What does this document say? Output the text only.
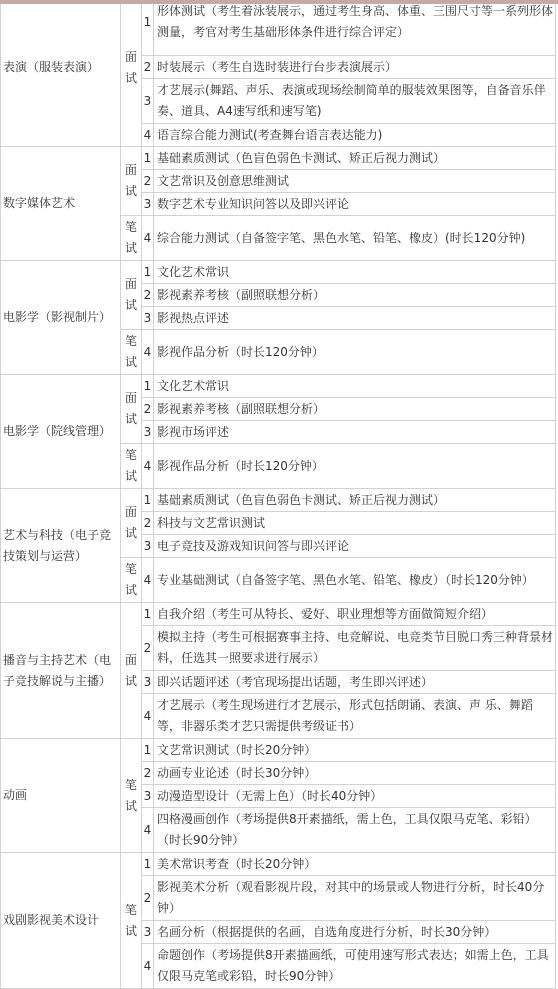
表演（服装表演）	面试	1	形体测试（考生着泳装展示，通过考生身高、体重、三围尺寸等一系列形体测量，考官对考生基础形体条件进行综合评定）
		2	时装展示（考生自选时装进行台步表演展示）
		3	才艺展示(舞蹈、声乐、表演或现场绘制简单的服装效果图等，自备音乐伴奏、道具、A4速写纸和速写笔)
		4	语言综合能力测试(考查舞台语言表达能力)
数字媒体艺术	面试	1	基础素质测试（色盲色弱色卡测试、矫正后视力测试）
		2	文艺常识及创意思维测试
		3	数字艺术专业知识问答以及即兴评论

	笔试	4	综合能力测试（自备签字笔、黑色水笔、铅笔、橡皮）(时长120分钟)
电影学（影视制片）	面试	1	文化艺术常识
		2	影视素养考核（副照联想分析）
		3	影视热点评述

	笔试	4	影视作品分析（时长120分钟）
电影学（院线管理）	面试	1	文化艺术常识
		2	影视素养考核（副照联想分析）
		3	影视市场评述

	笔试	4	影视作品分析（时长120分钟）
艺术与科技（电子竞技策划与运营）	面试	1	基础素质测试（色盲色弱色卡测试、矫正后视力测试）
		2	科技与文艺常识测试
		3	电子竞技及游戏知识问答与即兴评论

	笔试	4	专业基础测试（自备签字笔、黑色水笔、铅笔、橡皮）（时长120分钟）
播音与主持艺术（电子竞技解说与主播）	面试	1	自我介绍（考生可从特长、爱好、职业理想等方面做简短介绍）
		2	模拟主持（考生可根据赛事主持、电竞解说、电竞类节目脱口秀三种背景材料，任选其一照要求进行展示）
		3	即兴话题评述（考官现场提出话题，考生即兴评述）
		4	才艺展示（考生现场进行才艺展示，形式包括朗诵、表演、声 乐、舞蹈等，非器乐类才艺只需提供考级证书）
动画	笔试	1	文艺常识测试（时长20分钟）
		2	动画专业论述（时长30分钟）
		3	动漫造型设计（无需上色）（时长40分钟）
		4	四格漫画创作（考场提供8开素描纸，需上色，工具仅限马克笔、彩铅）（时长90分钟）
戏剧影视美术设计	笔试	1	美术常识考查（时长20分钟）
		2	影视美术分析（观看影视片段，对其中的场景或人物进行分析，时长40分钟）
		3	名画分析（根据提供的名画，自选角度进行分析，时长30分钟）
		4	命题创作（考场提供8开素描画纸，可使用速写形式表达；如需上色，工具仅限马克笔或彩铅，时长90分钟）
